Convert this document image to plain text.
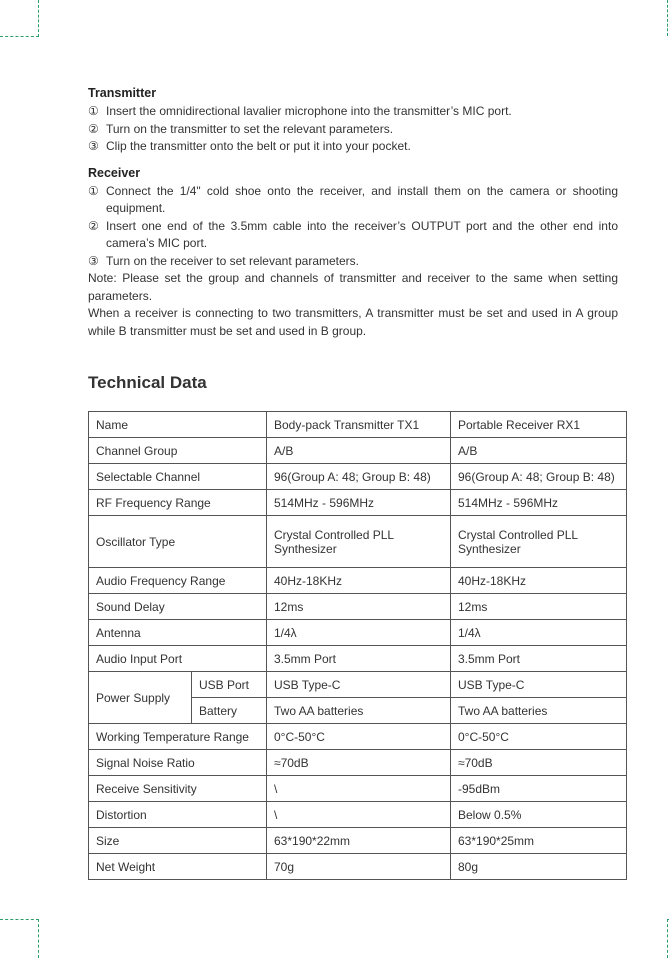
Transmitter
① Insert the omnidirectional lavalier microphone into the transmitter’s MIC port.
② Turn on the transmitter to set the relevant parameters.
③ Clip the transmitter onto the belt or put it into your pocket.
Receiver
① Connect the 1/4" cold shoe onto the receiver, and install them on the camera or shooting equipment.
② Insert one end of the 3.5mm cable into the receiver’s OUTPUT port and the other end into camera’s MIC port.
③ Turn on the receiver to set relevant parameters.

Note: Please set the group and channels of transmitter and receiver to the same when setting parameters.

When a receiver is connecting to two transmitters, A transmitter must be set and used in A group while B transmitter must be set and used in B group.

Technical Data
Name		Body-pack Transmitter TX1	Portable Receiver RX1
Channel Group		A/B	A/B
Selectable Channel		96(Group A: 48; Group B: 48)	96(Group A: 48; Group B: 48)
RF Frequency Range		514MHz - 596MHz	514MHz - 596MHz
Oscillator Type		Crystal Controlled PLL Synthesizer	Crystal Controlled PLL Synthesizer
Audio Frequency Range		40Hz-18KHz	40Hz-18KHz
Sound Delay		12ms	12ms
Antenna		1/4λ	1/4λ
Audio Input Port		3.5mm Port	3.5mm Port
Power Supply	USB Port	USB Type-C	USB Type-C
	Battery	Two AA batteries	Two AA batteries
Working Temperature Range		0°C-50°C	0°C-50°C
Signal Noise Ratio		≈70dB	≈70dB
Receive Sensitivity		\	-95dBm
Distortion		\	Below 0.5%
Size		63*190*22mm	63*190*25mm
Net Weight		70g	80g
